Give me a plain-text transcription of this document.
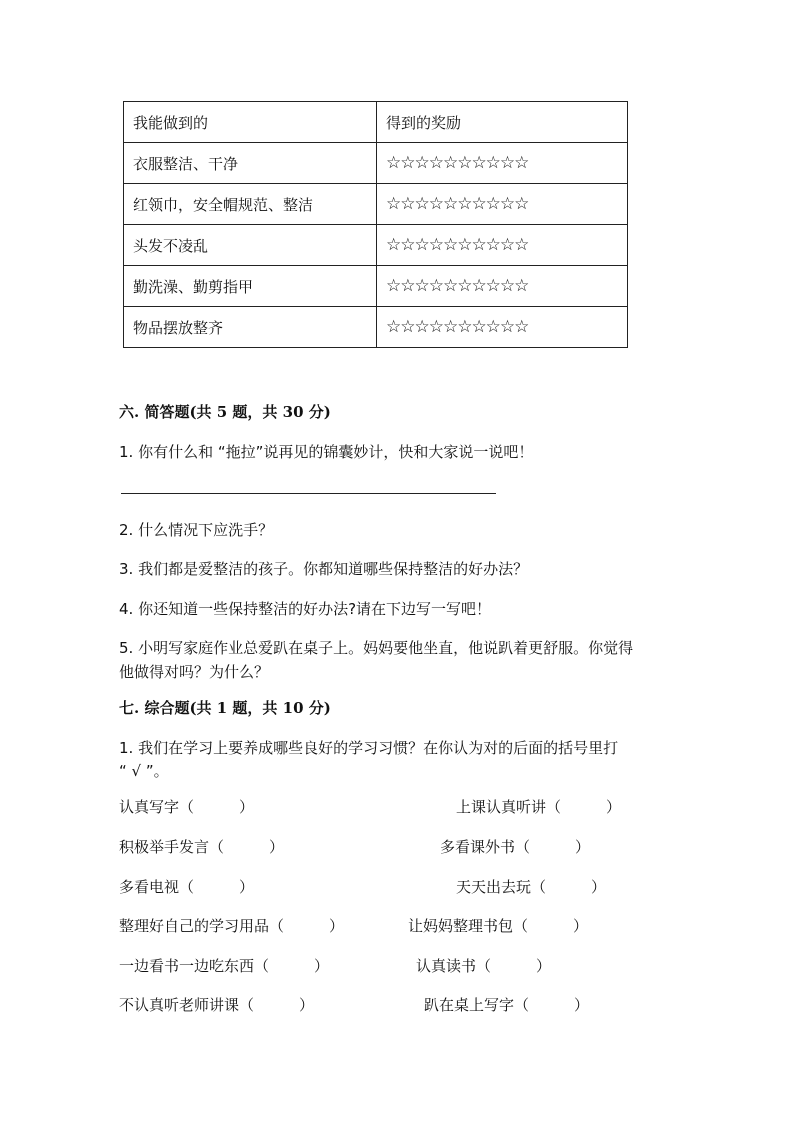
我能做到的	得到的奖励
衣服整洁、干净	☆☆☆☆☆☆☆☆☆☆
红领巾，安全帽规范、整洁	☆☆☆☆☆☆☆☆☆☆
头发不凌乱	☆☆☆☆☆☆☆☆☆☆
勤洗澡、勤剪指甲	☆☆☆☆☆☆☆☆☆☆
物品摆放整齐	☆☆☆☆☆☆☆☆☆☆
六. 简答题(共 5 题，共 30 分)
1. 你有什么和 “拖拉”说再见的锦囊妙计，快和大家说一说吧！
2. 什么情况下应洗手？
3. 我们都是爱整洁的孩子。你都知道哪些保持整洁的好办法？
4. 你还知道一些保持整洁的好办法?请在下边写一写吧！
5. 小明写家庭作业总爱趴在桌子上。妈妈要他坐直，他说趴着更舒服。你觉得
他做得对吗？为什么？
七. 综合题(共 1 题，共 10 分)
1. 我们在学习上要养成哪些良好的学习习惯？在你认为对的后面的括号里打
“ √ ”。
认真写字（　　　）	上课认真听讲（　　　）
积极举手发言（　　　）	多看课外书（　　　）
多看电视（　　　）	天天出去玩（　　　）
整理好自己的学习用品（　　　）	让妈妈整理书包（　　　）
一边看书一边吃东西（　　　）	认真读书（　　　）
不认真听老师讲课（　　　）	趴在桌上写字（　　　）
